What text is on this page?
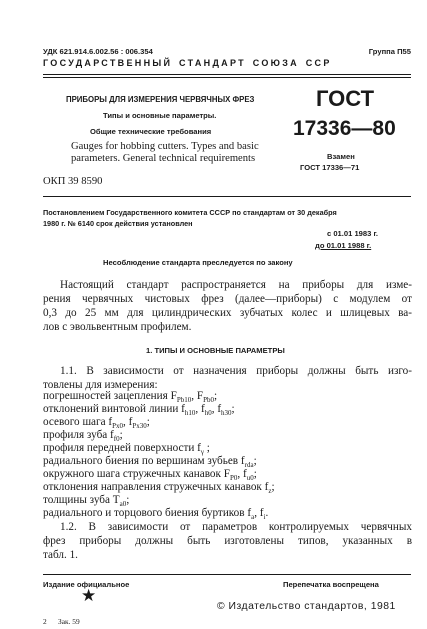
УДК 621.914.6.002.56 : 006.354	Группа П55
ГОСУДАРСТВЕННЫЙ СТАНДАРТ СОЮЗА ССР
ПРИБОРЫ ДЛЯ ИЗМЕРЕНИЯ ЧЕРВЯЧНЫХ ФРЕЗ
Типы и основные параметры.
Общие технические требования
Gauges for hobbing cutters. Types and basic
parameters. General technical requirements
ОКП 39 8590
ГОСТ
17336—80
Взамен
ГОСТ 17336—71
Постановлением Государственного комитета СССР по стандартам от 30 декабря
1980 г. № 6140 срок действия установлен
с 01.01 1983 г.
до 01.01 1988 г.
Несоблюдение стандарта преследуется по закону
Настоящий стандарт распространяется на приборы для изме-
рения червячных чистовых фрез (далее—приборы) с модулем от
0,3 до 25 мм для цилиндрических зубчатых колес и шлицевых ва-
лов с эвольвентным профилем.
1. ТИПЫ И ОСНОВНЫЕ ПАРАМЕТРЫ
1.1. В зависимости от назначения приборы должны быть изго-
товлены для измерения:
погрешностей зацепления $F_{Pb10}$, $F_{Pb0}$;
отклонений винтовой линии $f_{h10}$, $f_{h0}$, $f_{h30}$;
осевого шага $f_{Px0}$, $f_{Px30}$;
профиля зуба $f_{f0}$;
профиля передней поверхности $f_\gamma$ ;
радиального биения по вершинам зубьев $f_{rda}$;
окружного шага стружечных канавок $F_{P0}$, $f_{u0}$;
отклонения направления стружечных канавок $f_z$;
толщины зуба $T_{a0}$;
радиального и торцового биения буртиков $f_a$, $f_i$.
1.2. В зависимости от параметров контролируемых червячных
фрез приборы должны быть изготовлены типов, указанных в
табл. 1.
Издание официальное	Перепечатка воспрещена
★
© Издательство стандартов, 1981
2 Зак. 59
